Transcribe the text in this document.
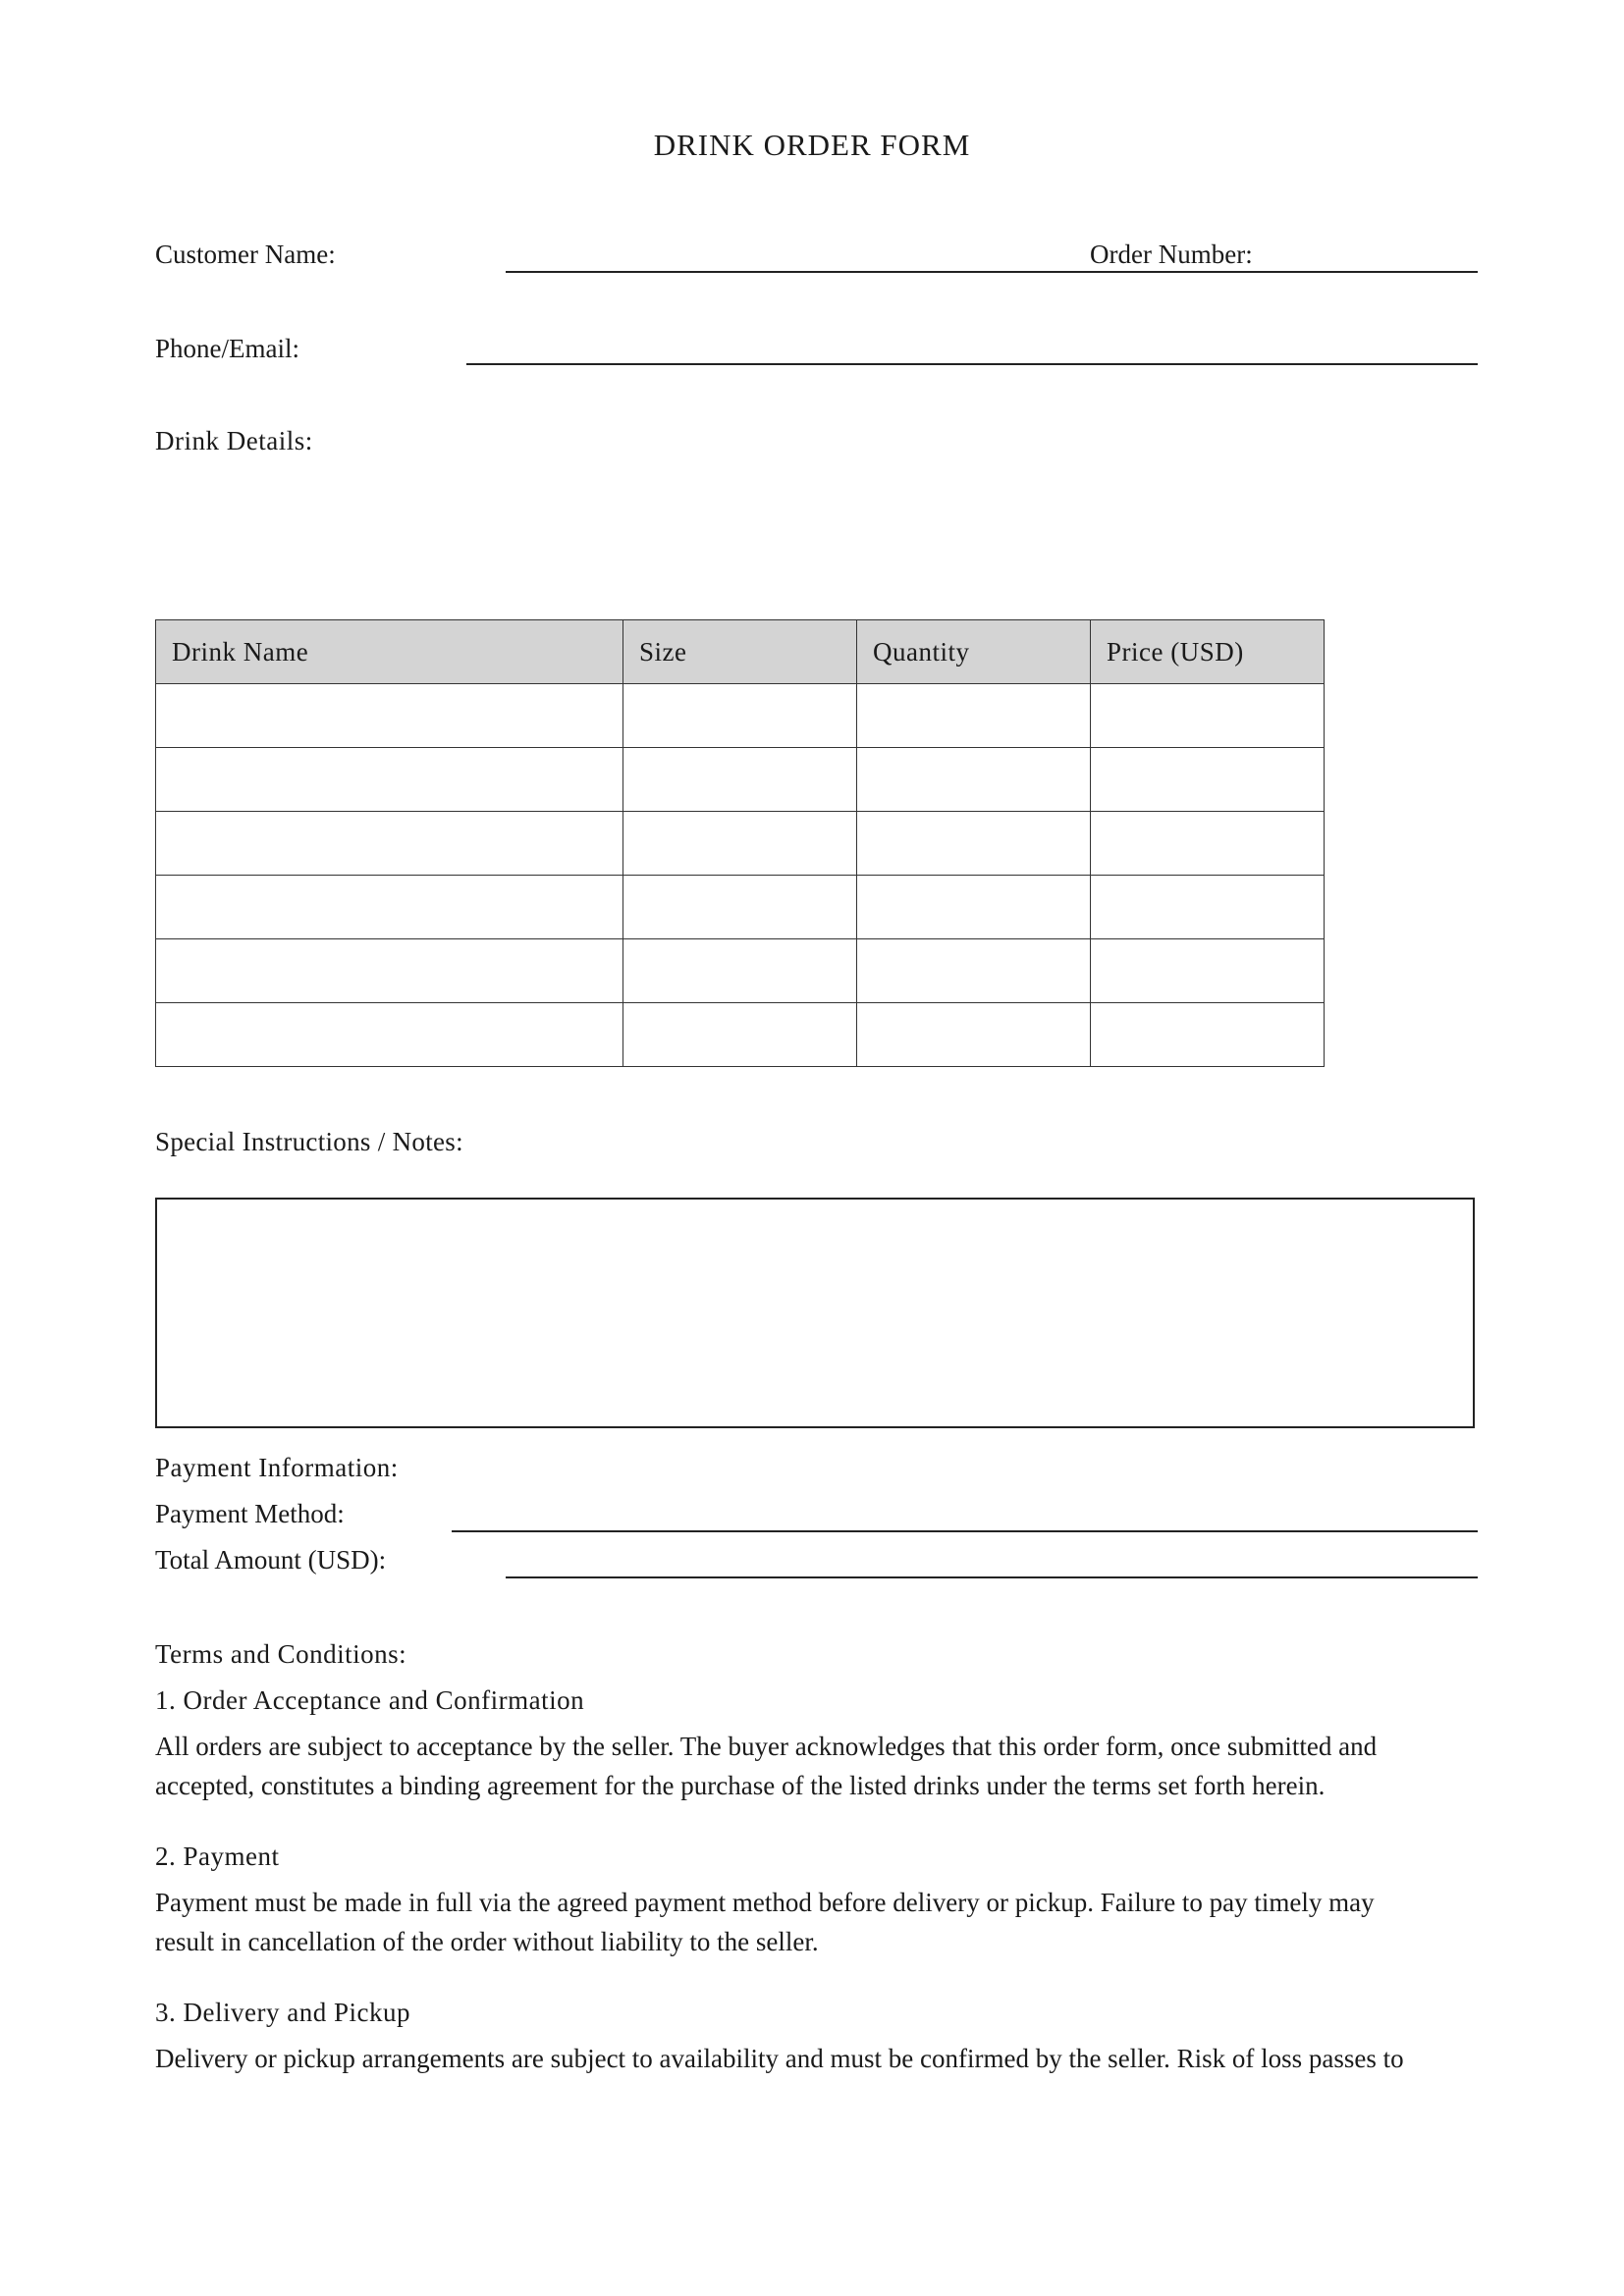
DRINK ORDER FORM
Customer Name:	Order Number:
Phone/Email:
Drink Details:
Drink Name	Size	Quantity	Price (USD)

Special Instructions / Notes:
Payment Information:
Payment Method:
Total Amount (USD):
Terms and Conditions:
1. Order Acceptance and Confirmation
All orders are subject to acceptance by the seller. The buyer acknowledges that this order form, once submitted and
accepted, constitutes a binding agreement for the purchase of the listed drinks under the terms set forth herein.
2. Payment
Payment must be made in full via the agreed payment method before delivery or pickup. Failure to pay timely may
result in cancellation of the order without liability to the seller.
3. Delivery and Pickup
Delivery or pickup arrangements are subject to availability and must be confirmed by the seller. Risk of loss passes to
